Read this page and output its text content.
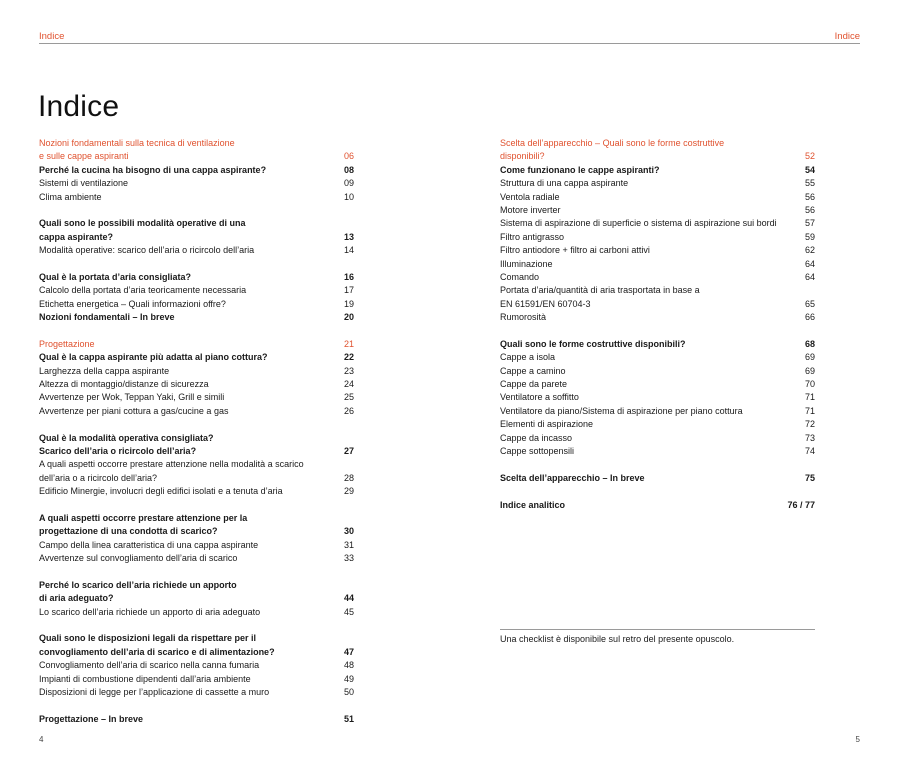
Indice	Indice
Indice
Nozioni fondamentali sulla tecnica di ventilazione
e sulle cappe aspiranti	06
Perché la cucina ha bisogno di una cappa aspirante?	08
Sistemi di ventilazione	09
Clima ambiente	10
Quali sono le possibili modalità operative di una
cappa aspirante?	13
Modalità operative: scarico dell’aria o ricircolo dell’aria	14
Qual è la portata d’aria consigliata?	16
Calcolo della portata d’aria teoricamente necessaria	17
Etichetta energetica – Quali informazioni offre?	19
Nozioni fondamentali – In breve	20
Progettazione	21
Qual è la cappa aspirante più adatta al piano cottura?	22
Larghezza della cappa aspirante	23
Altezza di montaggio/distanze di sicurezza	24
Avvertenze per Wok, Teppan Yaki, Grill e simili	25
Avvertenze per piani cottura a gas/cucine a gas	26
Qual è la modalità operativa consigliata?
Scarico dell’aria o ricircolo dell’aria?	27
A quali aspetti occorre prestare attenzione nella modalità a scarico
dell’aria o a ricircolo dell’aria?	28
Edificio Minergie, involucri degli edifici isolati e a tenuta d’aria	29
A quali aspetti occorre prestare attenzione per la
progettazione di una condotta di scarico?	30
Campo della linea caratteristica di una cappa aspirante	31
Avvertenze sul convogliamento dell’aria di scarico	33
Perché lo scarico dell’aria richiede un apporto
di aria adeguato?	44
Lo scarico dell’aria richiede un apporto di aria adeguato	45
Quali sono le disposizioni legali da rispettare per il
convogliamento dell’aria di scarico e di alimentazione?	47
Convogliamento dell’aria di scarico nella canna fumaria	48
Impianti di combustione dipendenti dall’aria ambiente	49
Disposizioni di legge per l’applicazione di cassette a muro	50
Progettazione – In breve	51
Scelta dell’apparecchio – Quali sono le forme costruttive
disponibili?	52
Come funzionano le cappe aspiranti?	54
Struttura di una cappa aspirante	55
Ventola radiale	56
Motore inverter	56
Sistema di aspirazione di superficie o sistema di aspirazione sui bordi	57
Filtro antigrasso	59
Filtro antiodore + filtro ai carboni attivi	62
Illuminazione	64
Comando	64
Portata d’aria/quantità di aria trasportata in base a
EN 61591/EN 60704-3	65
Rumorosità	66
Quali sono le forme costruttive disponibili?	68
Cappe a isola	69
Cappe a camino	69
Cappe da parete	70
Ventilatore a soffitto	71
Ventilatore da piano/Sistema di aspirazione per piano cottura	71
Elementi di aspirazione	72
Cappe da incasso	73
Cappe sottopensili	74
Scelta dell’apparecchio – In breve	75
Indice analitico	76 / 77
Una checklist è disponibile sul retro del presente opuscolo.
4	5
